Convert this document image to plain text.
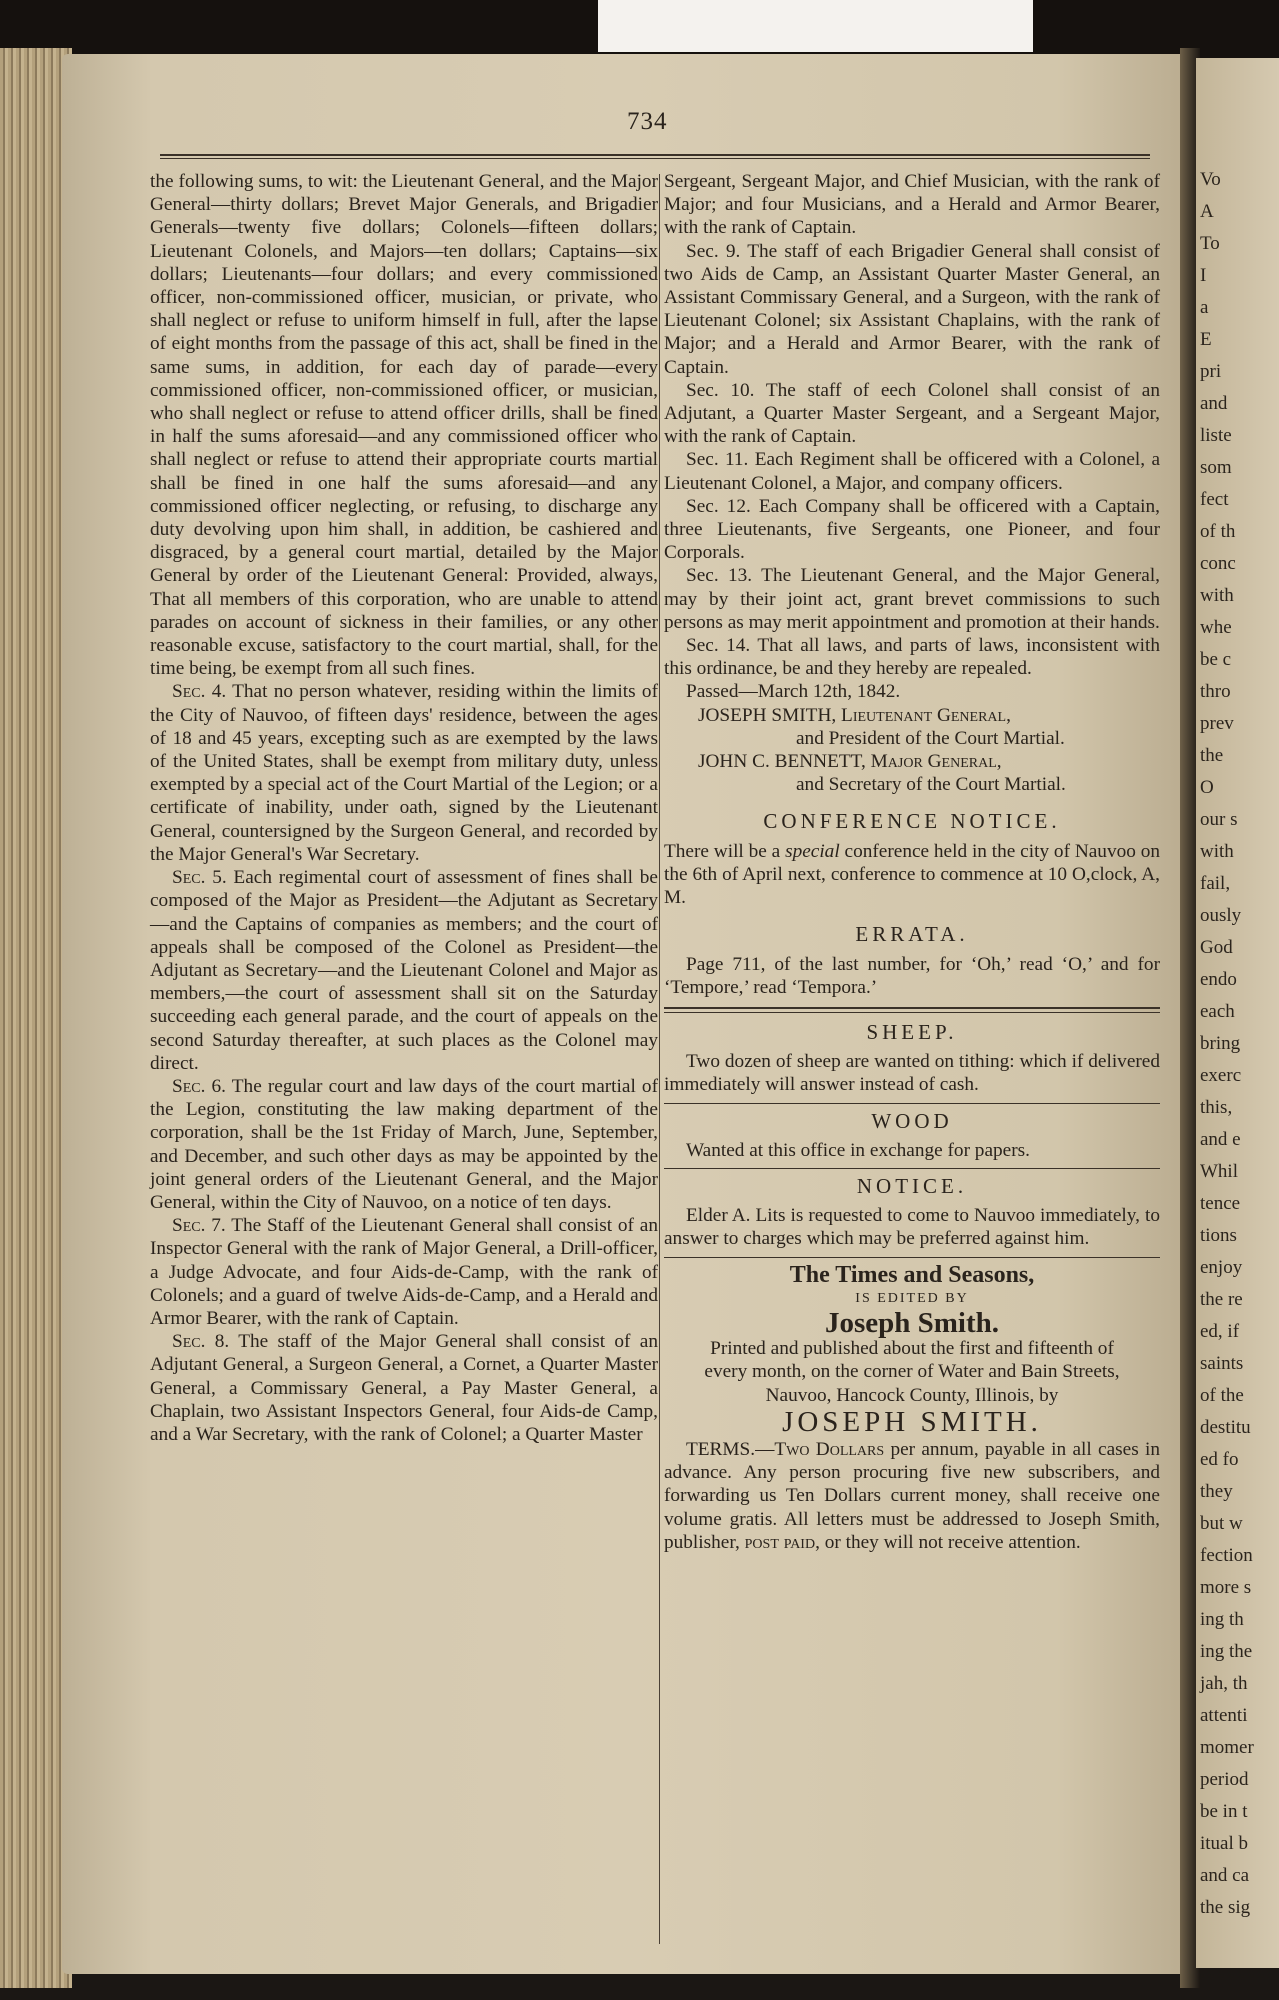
Vo
A
To
I
a
E
pri
and
liste
som
fect
of th
conc
with
whe
be c
thro
prev
the
O
our s
with
fail,
ously
God
endo
each
bring
exerc
this,
and e
Whil
tence
tions
enjoy
the re
ed, if
saints
of the
destitu
ed fo
they
but w
fection
more s
ing th
ing the
jah, th
attenti
momer
period
be in t
itual b
and ca
the sig
734

the following sums, to wit: the Lieutenant General, and the Major General—thirty dollars; Brevet Major Generals, and Brigadier Generals—twenty five dollars; Colonels—fifteen dollars; Lieutenant Colonels, and Majors—ten dollars; Captains—six dollars; Lieutenants—four dollars; and every commissioned officer, non-commissioned officer, musician, or private, who shall neglect or refuse to uniform himself in full, after the lapse of eight months from the passage of this act, shall be fined in the same sums, in addition, for each day of parade—every commissioned officer, non-commissioned officer, or musician, who shall neglect or refuse to attend officer drills, shall be fined in half the sums aforesaid—and any commissioned officer who shall neglect or refuse to attend their appropriate courts martial shall be fined in one half the sums aforesaid—and any commissioned officer neglecting, or refusing, to discharge any duty devolving upon him shall, in addition, be cashiered and disgraced, by a general court martial, detailed by the Major General by order of the Lieutenant General: Provided, always, That all members of this corporation, who are unable to attend parades on account of sickness in their families, or any other reasonable excuse, satisfactory to the court martial, shall, for the time being, be exempt from all such fines.

Sec. 4. That no person whatever, residing within the limits of the City of Nauvoo, of fifteen days' residence, between the ages of 18 and 45 years, excepting such as are exempted by the laws of the United States, shall be exempt from military duty, unless exempted by a special act of the Court Martial of the Legion; or a certificate of inability, under oath, signed by the Lieutenant General, countersigned by the Surgeon General, and recorded by the Major General's War Secretary.

Sec. 5. Each regimental court of assessment of fines shall be composed of the Major as President—the Adjutant as Secretary—and the Captains of companies as members; and the court of appeals shall be composed of the Colonel as President—the Adjutant as Secretary—and the Lieutenant Colonel and Major as members,—the court of assessment shall sit on the Saturday succeeding each general parade, and the court of appeals on the second Saturday thereafter, at such places as the Colonel may direct.

Sec. 6. The regular court and law days of the court martial of the Legion, constituting the law making department of the corporation, shall be the 1st Friday of March, June, September, and December, and such other days as may be appointed by the joint general orders of the Lieutenant General, and the Major General, within the City of Nauvoo, on a notice of ten days.

Sec. 7. The Staff of the Lieutenant General shall consist of an Inspector General with the rank of Major General, a Drill-officer, a Judge Advocate, and four Aids-de-Camp, with the rank of Colonels; and a guard of twelve Aids-de-Camp, and a Herald and Armor Bearer, with the rank of Captain.

Sec. 8. The staff of the Major General shall consist of an Adjutant General, a Surgeon General, a Cornet, a Quarter Master General, a Commissary General, a Pay Master General, a Chaplain, two Assistant Inspectors General, four Aids-de Camp, and a War Secretary, with the rank of Colonel; a Quarter Master

Sergeant, Sergeant Major, and Chief Musician, with the rank of Major; and four Musicians, and a Herald and Armor Bearer, with the rank of Captain.

Sec. 9. The staff of each Brigadier General shall consist of two Aids de Camp, an Assistant Quarter Master General, an Assistant Commissary General, and a Surgeon, with the rank of Lieutenant Colonel; six Assistant Chaplains, with the rank of Major; and a Herald and Armor Bearer, with the rank of Captain.

Sec. 10. The staff of eech Colonel shall consist of an Adjutant, a Quarter Master Sergeant, and a Sergeant Major, with the rank of Captain.

Sec. 11. Each Regiment shall be officered with a Colonel, a Lieutenant Colonel, a Major, and company officers.

Sec. 12. Each Company shall be officered with a Captain, three Lieutenants, five Sergeants, one Pioneer, and four Corporals.

Sec. 13. The Lieutenant General, and the Major General, may by their joint act, grant brevet commissions to such persons as may merit appointment and promotion at their hands.

Sec. 14. That all laws, and parts of laws, inconsistent with this ordinance, be and they hereby are repealed.

Passed—March 12th, 1842.

JOSEPH SMITH, Lieutenant General,
and President of the Court Martial.
JOHN C. BENNETT, Major General,
and Secretary of the Court Martial.
CONFERENCE NOTICE.

There will be a special conference held in the city of Nauvoo on the 6th of April next, conference to commence at 10 O,clock, A, M.

ERRATA.

Page 711, of the last number, for ‘Oh,’ read ‘O,’ and for ‘Tempore,’ read ‘Tempora.’

SHEEP.

Two dozen of sheep are wanted on tithing: which if delivered immediately will answer instead of cash.

WOOD

Wanted at this office in exchange for papers.

NOTICE.

Elder A. Lits is requested to come to Nauvoo immediately, to answer to charges which may be preferred against him.

The Times and Seasons,
IS EDITED BY
Joseph Smith.

Printed and published about the first and fifteenth of every month, on the corner of Water and Bain Streets, Nauvoo, Hancock County, Illinois, by

JOSEPH SMITH.

TERMS.—Two Dollars per annum, payable in all cases in advance. Any person procuring five new subscribers, and forwarding us Ten Dollars current money, shall receive one volume gratis. All letters must be addressed to Joseph Smith, publisher, post paid, or they will not receive attention.
